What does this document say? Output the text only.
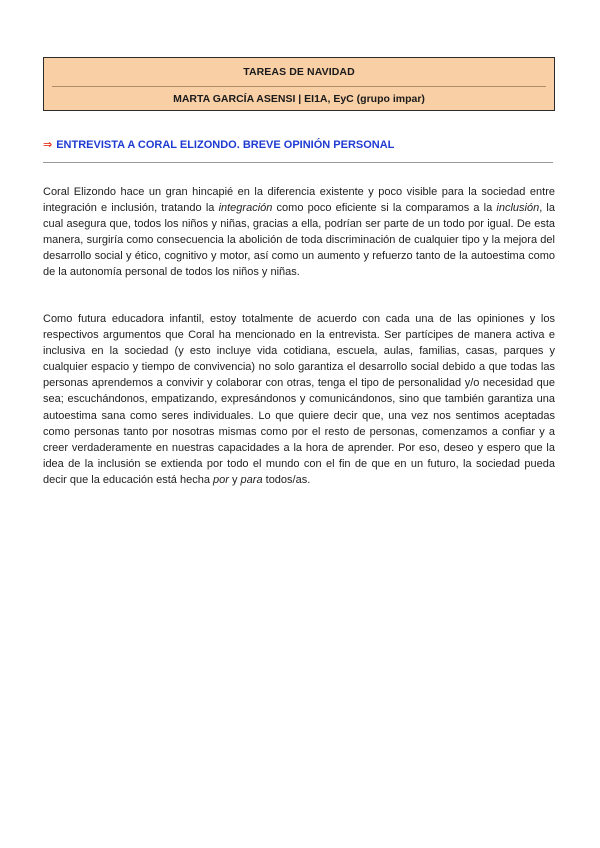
TAREAS DE NAVIDAD
MARTA GARCÍA ASENSI | EI1A, EyC (grupo impar)
⇒ ENTREVISTA A CORAL ELIZONDO. BREVE OPINIÓN PERSONAL

Coral Elizondo hace un gran hincapié en la diferencia existente y poco visible para la sociedad entre integración e inclusión, tratando la integración como poco eficiente si la comparamos a la inclusión, la cual asegura que, todos los niños y niñas, gracias a ella, podrían ser parte de un todo por igual. De esta manera, surgiría como consecuencia la abolición de toda discriminación de cualquier tipo y la mejora del desarrollo social y ético, cognitivo y motor, así como un aumento y refuerzo tanto de la autoestima como de la autonomía personal de todos los niños y niñas.

Como futura educadora infantil, estoy totalmente de acuerdo con cada una de las opiniones y los respectivos argumentos que Coral ha mencionado en la entrevista. Ser partícipes de manera activa e inclusiva en la sociedad (y esto incluye vida cotidiana, escuela, aulas, familias, casas, parques y cualquier espacio y tiempo de convivencia) no solo garantiza el desarrollo social debido a que todas las personas aprendemos a convivir y colaborar con otras, tenga el tipo de personalidad y/o necesidad que sea; escuchándonos, empatizando, expresándonos y comunicándonos, sino que también garantiza una autoestima sana como seres individuales. Lo que quiere decir que, una vez nos sentimos aceptadas como personas tanto por nosotras mismas como por el resto de personas, comenzamos a confiar y a creer verdaderamente en nuestras capacidades a la hora de aprender. Por eso, deseo y espero que la idea de la inclusión se extienda por todo el mundo con el fin de que en un futuro, la sociedad pueda decir que la educación está hecha por y para todos/as.
